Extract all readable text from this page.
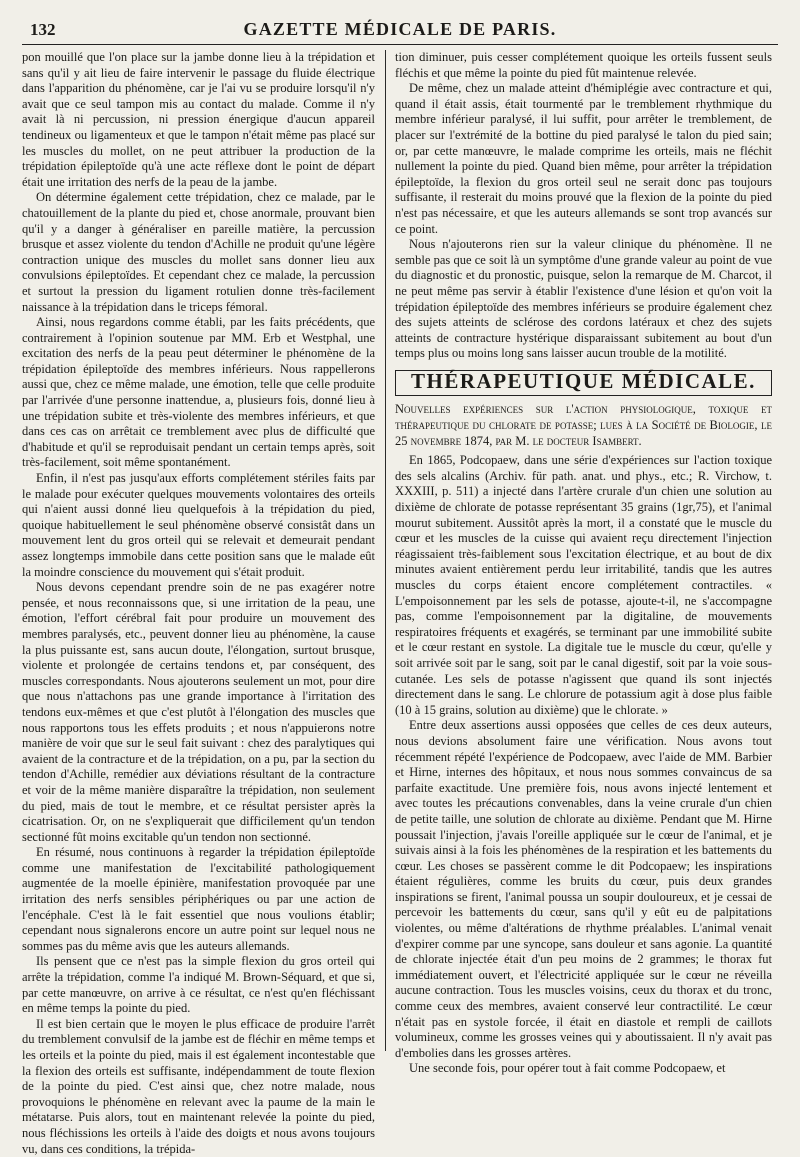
132	GAZETTE MÉDICALE DE PARIS.

pon mouillé que l'on place sur la jambe donne lieu à la trépidation et sans qu'il y ait lieu de faire intervenir le passage du fluide électrique dans l'apparition du phénomène, car je l'ai vu se produire lorsqu'il n'y avait que ce seul tampon mis au contact du malade. Comme il n'y avait là ni percussion, ni pression énergique d'aucun appareil tendineux ou ligamenteux et que le tampon n'était même pas placé sur les muscles du mollet, on ne peut attribuer la production de la trépidation épileptoïde qu'à une acte réflexe dont le point de départ était une irritation des nerfs de la peau de la jambe.

On détermine également cette trépidation, chez ce malade, par le chatouillement de la plante du pied et, chose anormale, prouvant bien qu'il y a danger à généraliser en pareille matière, la percussion brusque et assez violente du tendon d'Achille ne produit qu'une légère contraction unique des muscles du mollet sans donner lieu aux convulsions épileptoïdes. Et cependant chez ce malade, la percussion et surtout la pression du ligament rotulien donne très-facilement naissance à la trépidation dans le triceps fémoral.

Ainsi, nous regardons comme établi, par les faits précédents, que contrairement à l'opinion soutenue par MM. Erb et Westphal, une excitation des nerfs de la peau peut déterminer le phénomène de la trépidation épileptoïde des membres inférieurs. Nous rappellerons aussi que, chez ce même malade, une émotion, telle que celle produite par l'arrivée d'une personne inattendue, a, plusieurs fois, donné lieu à une trépidation subite et très-violente des membres inférieurs, et que dans ces cas on arrêtait ce tremblement avec plus de difficulté que d'habitude et qu'il se reproduisait pendant un certain temps après, soit très-facilement, soit même spontanément.

Enfin, il n'est pas jusqu'aux efforts complétement stériles faits par le malade pour exécuter quelques mouvements volontaires des orteils qui n'aient aussi donné lieu quelquefois à la trépidation du pied, quoique habituellement le seul phénomène observé consistât dans un mouvement lent du gros orteil qui se relevait et demeurait pendant assez longtemps immobile dans cette position sans que le malade eût la moindre conscience du mouvement qui s'était produit.

Nous devons cependant prendre soin de ne pas exagérer notre pensée, et nous reconnaissons que, si une irritation de la peau, une émotion, l'effort cérébral fait pour produire un mouvement des membres paralysés, etc., peuvent donner lieu au phénomène, la cause la plus puissante est, sans aucun doute, l'élongation, surtout brusque, violente et prolongée de certains tendons et, par conséquent, des muscles correspondants. Nous ajouterons seulement un mot, pour dire que nous n'attachons pas une grande importance à l'irritation des tendons eux-mêmes et que c'est plutôt à l'élongation des muscles que nous rapportons tous les effets produits ; et nous n'appuierons notre manière de voir que sur le seul fait suivant : chez des paralytiques qui avaient de la contracture et de la trépidation, on a pu, par la section du tendon d'Achille, remédier aux déviations résultant de la contracture et voir de la même manière disparaître la trépidation, non seulement du pied, mais de tout le membre, et ce résultat persister après la cicatrisation. Or, on ne s'expliquerait que difficilement qu'un tendon sectionné fût moins excitable qu'un tendon non sectionné.

En résumé, nous continuons à regarder la trépidation épileptoïde comme une manifestation de l'excitabilité pathologiquement augmentée de la moelle épinière, manifestation provoquée par une irritation des nerfs sensibles périphériques ou par une action de l'encéphale. C'est là le fait essentiel que nous voulions établir; cependant nous signalerons encore un autre point sur lequel nous ne sommes pas du même avis que les auteurs allemands.

Ils pensent que ce n'est pas la simple flexion du gros orteil qui arrête la trépidation, comme l'a indiqué M. Brown-Séquard, et que si, par cette manœuvre, on arrive à ce résultat, ce n'est qu'en fléchissant en même temps la pointe du pied.

Il est bien certain que le moyen le plus efficace de produire l'arrêt du tremblement convulsif de la jambe est de fléchir en même temps et les orteils et la pointe du pied, mais il est également incontestable que la flexion des orteils est suffisante, indépendamment de toute flexion de la pointe du pied. C'est ainsi que, chez notre malade, nous provoquions le phénomène en relevant avec la paume de la main le métatarse. Puis alors, tout en maintenant relevée la pointe du pied, nous fléchissions les orteils à l'aide des doigts et nous avons toujours vu, dans ces conditions, la trépida-

tion diminuer, puis cesser complétement quoique les orteils fussent seuls fléchis et que même la pointe du pied fût maintenue relevée.

De même, chez un malade atteint d'hémiplégie avec contracture et qui, quand il était assis, était tourmenté par le tremblement rhythmique du membre inférieur paralysé, il lui suffit, pour arrêter le tremblement, de placer sur l'extrémité de la bottine du pied paralysé le talon du pied sain; or, par cette manœuvre, le malade comprime les orteils, mais ne fléchit nullement la pointe du pied. Quand bien même, pour arrêter la trépidation épileptoïde, la flexion du gros orteil seul ne serait donc pas toujours suffisante, il resterait du moins prouvé que la flexion de la pointe du pied n'est pas nécessaire, et que les auteurs allemands se sont trop avancés sur ce point.

Nous n'ajouterons rien sur la valeur clinique du phénomène. Il ne semble pas que ce soit là un symptôme d'une grande valeur au point de vue du diagnostic et du pronostic, puisque, selon la remarque de M. Charcot, il ne peut même pas servir à établir l'existence d'une lésion et qu'on voit la trépidation épileptoïde des membres inférieurs se produire également chez des sujets atteints de sclérose des cordons latéraux et chez des sujets atteints de contracture hystérique disparaissant subitement au bout d'un temps plus ou moins long sans laisser aucun trouble de la motilité.

THÉRAPEUTIQUE MÉDICALE.

Nouvelles expériences sur l'action physiologique, toxique et thérapeutique du chlorate de potasse; lues à la Société de Biologie, le 25 novembre 1874, par M. le docteur Isambert.

En 1865, Podcopaew, dans une série d'expériences sur l'action toxique des sels alcalins (Archiv. für path. anat. und phys., etc.; R. Virchow, t. XXXIII, p. 511) a injecté dans l'artère crurale d'un chien une solution au dixième de chlorate de potasse représentant 35 grains (1gr,75), et l'animal mourut subitement. Aussitôt après la mort, il a constaté que le muscle du cœur et les muscles de la cuisse qui avaient reçu directement l'injection réagissaient très-faiblement sous l'excitation électrique, et au bout de dix minutes avaient entièrement perdu leur irritabilité, tandis que les autres muscles du corps étaient encore complétement contractiles. « L'empoisonnement par les sels de potasse, ajoute-t-il, ne s'accompagne pas, comme l'empoisonnement par la digitaline, de mouvements respiratoires fréquents et exagérés, se terminant par une immobilité subite et le cœur restant en systole. La digitale tue le muscle du cœur, qu'elle y soit arrivée soit par le sang, soit par le canal digestif, soit par la voie sous-cutanée. Les sels de potasse n'agissent que quand ils sont injectés directement dans le sang. Le chlorure de potassium agit à dose plus faible (10 à 15 grains, solution au dixième) que le chlorate. »

Entre deux assertions aussi opposées que celles de ces deux auteurs, nous devions absolument faire une vérification. Nous avons tout récemment répété l'expérience de Podcopaew, avec l'aide de MM. Barbier et Hirne, internes des hôpitaux, et nous nous sommes convaincus de sa parfaite exactitude. Une première fois, nous avons injecté lentement et avec toutes les précautions convenables, dans la veine crurale d'un chien de petite taille, une solution de chlorate au dixième. Pendant que M. Hirne poussait l'injection, j'avais l'oreille appliquée sur le cœur de l'animal, et je suivais ainsi à la fois les phénomènes de la respiration et les battements du cœur. Les choses se passèrent comme le dit Podcopaew; les inspirations étaient régulières, comme les bruits du cœur, puis deux grandes inspirations se firent, l'animal poussa un soupir douloureux, et je cessai de percevoir les battements du cœur, sans qu'il y eût eu de palpitations violentes, ou même d'altérations de rhythme préalables. L'animal venait d'expirer comme par une syncope, sans douleur et sans agonie. La quantité de chlorate injectée était d'un peu moins de 2 grammes; le thorax fut immédiatement ouvert, et l'électricité appliquée sur le cœur ne réveilla aucune contraction. Tous les muscles voisins, ceux du thorax et du tronc, comme ceux des membres, avaient conservé leur contractilité. Le cœur n'était pas en systole forcée, il était en diastole et rempli de caillots volumineux, comme les grosses veines qui y aboutissaient. Il n'y avait pas d'embolies dans les grosses artères.

Une seconde fois, pour opérer tout à fait comme Podcopaew, et
